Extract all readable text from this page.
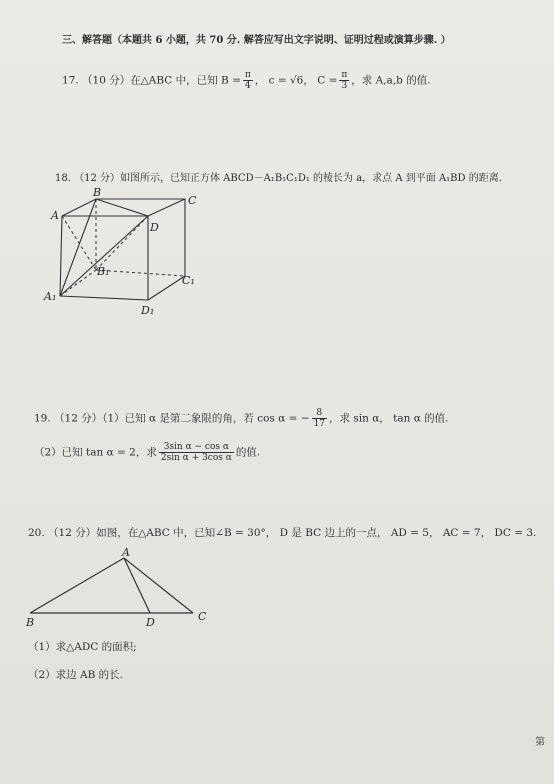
三、解答题（本题共 6 小题，共 70 分. 解答应写出文字说明、证明过程或演算步骤. ）
17. （10 分）在△ABC 中，已知 $B = \frac{\pi}{4}$ ， c = √6， $C = \frac{\pi}{3}$ ，求 A,a,b 的值.
18. （12 分）如图所示，已知正方体 ABCD－A₁B₁C₁D₁ 的棱长为 a，求点 A 到平面 A₁BD 的距离.
B
C
A
D
B₁
C₁
A₁
D₁
19. （12 分）（1）已知 α 是第二象限的角，若 cos α = − $\frac{8}{17}$ ，求 sin α， tan α 的值.
（2）已知 tan α = 2，求 $\frac{\text{3sin α − cos α}}{\text{2sin α + 3cos α}}$ 的值.
20. （12 分）如图，在△ABC 中，已知∠B = 30°， D 是 BC 边上的一点， AD = 5， AC = 7， DC = 3.
A
B	D	C
（1）求△ADC 的面积;
（2）求边 AB 的长.
第
